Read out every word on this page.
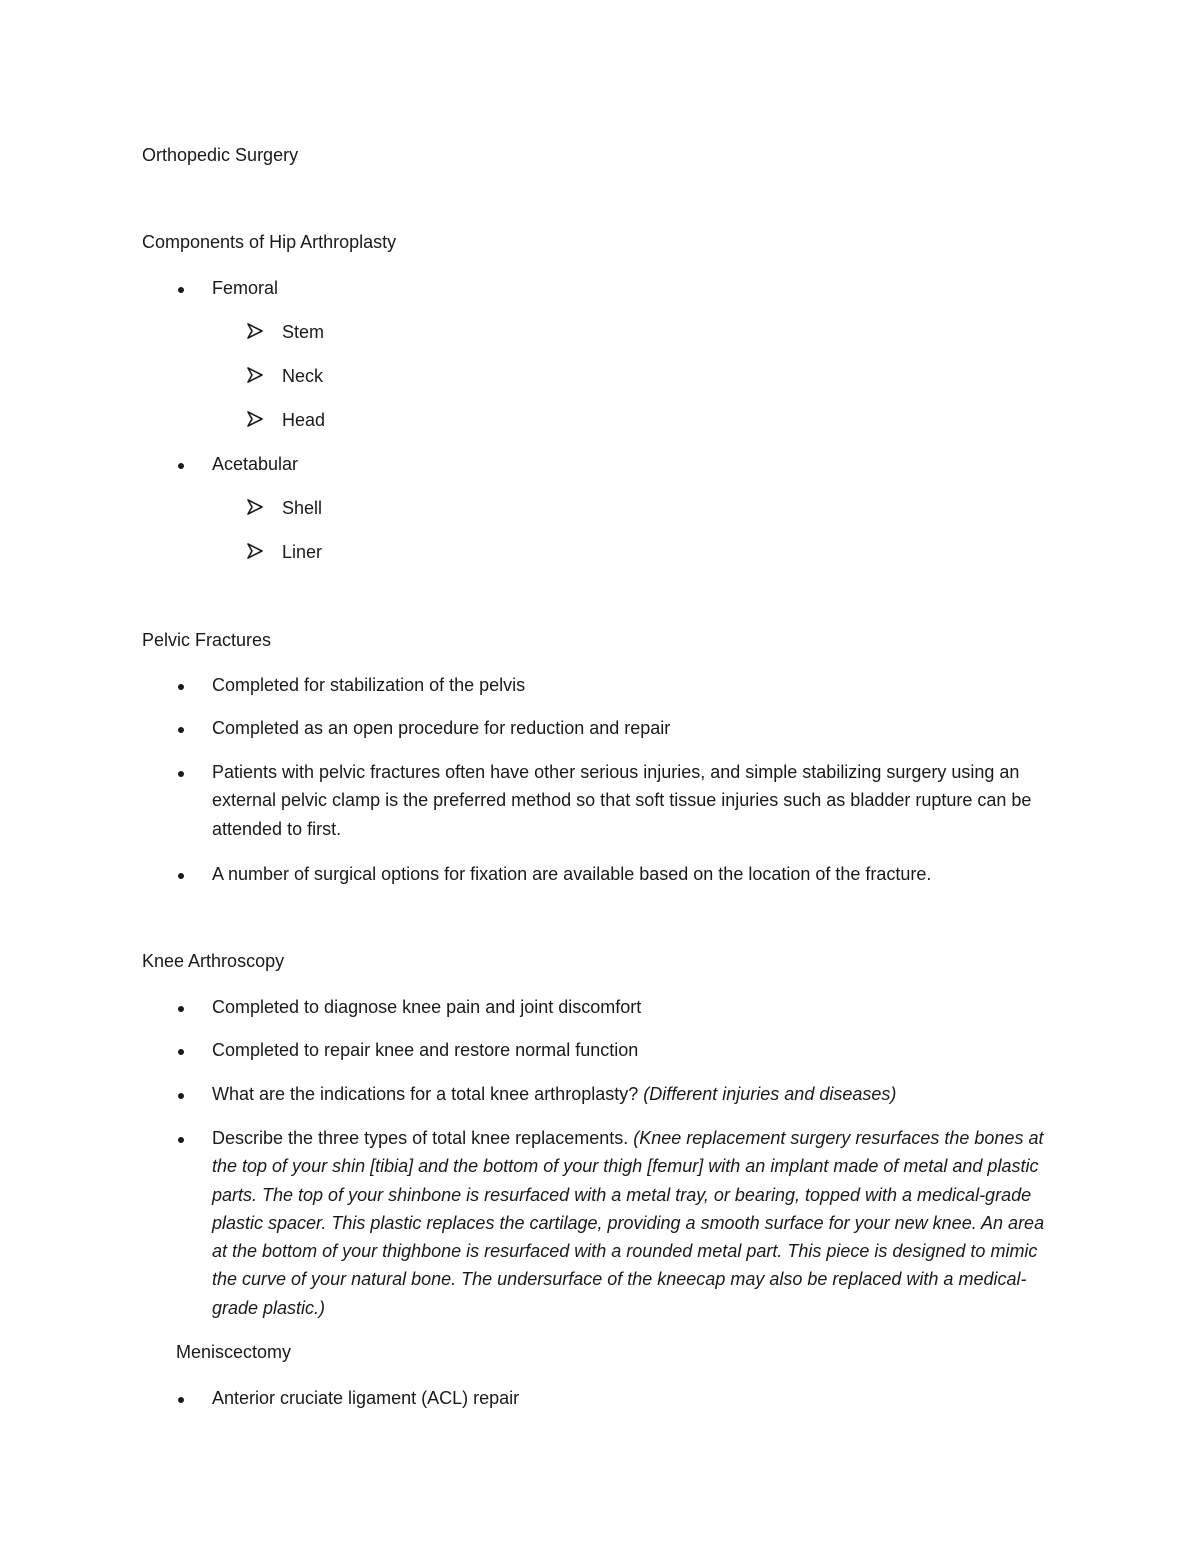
Orthopedic Surgery
Components of Hip Arthroplasty
Femoral
Stem
Neck
Head
Acetabular
Shell
Liner
Pelvic Fractures
Completed for stabilization of the pelvis
Completed as an open procedure for reduction and repair
Patients with pelvic fractures often have other serious injuries, and simple stabilizing surgery using an external pelvic clamp is the preferred method so that soft tissue injuries such as bladder rupture can be attended to first.
A number of surgical options for fixation are available based on the location of the fracture.
Knee Arthroscopy
Completed to diagnose knee pain and joint discomfort
Completed to repair knee and restore normal function
What are the indications for a total knee arthroplasty? (Different injuries and diseases)
Describe the three types of total knee replacements. (Knee replacement surgery resurfaces the bones at the top of your shin [tibia] and the bottom of your thigh [femur] with an implant made of metal and plastic parts. The top of your shinbone is resurfaced with a metal tray, or bearing, topped with a medical-grade plastic spacer. This plastic replaces the cartilage, providing a smooth surface for your new knee. An area at the bottom of your thighbone is resurfaced with a rounded metal part. This piece is designed to mimic the curve of your natural bone. The undersurface of the kneecap may also be replaced with a medical-grade plastic.)
Meniscectomy
Anterior cruciate ligament (ACL) repair
